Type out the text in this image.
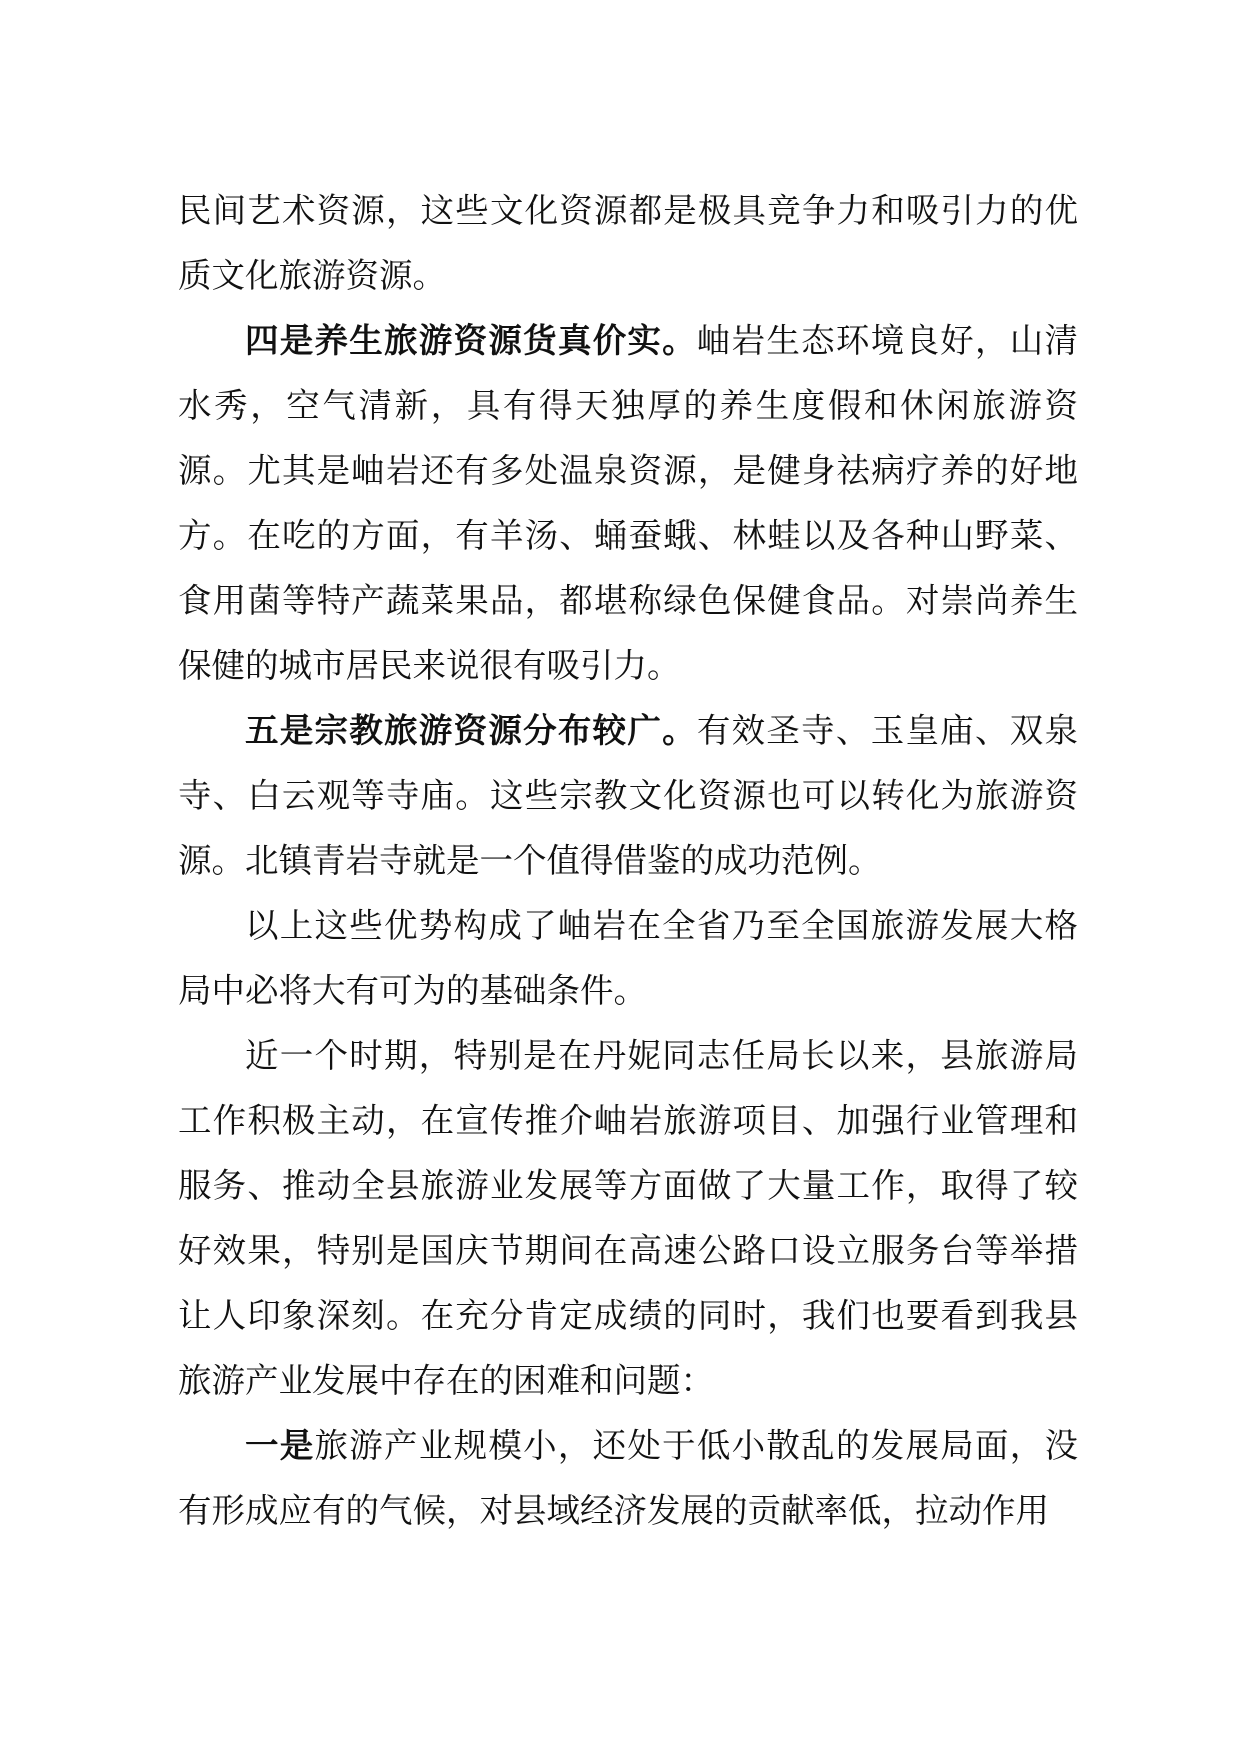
民间艺术资源，这些文化资源都是极具竞争力和吸引力的优质文化旅游资源。

四是养生旅游资源货真价实。岫岩生态环境良好，山清水秀，空气清新，具有得天独厚的养生度假和休闲旅游资源。尤其是岫岩还有多处温泉资源，是健身祛病疗养的好地方。在吃的方面，有羊汤、蛹蚕蛾、林蛙以及各种山野菜、食用菌等特产蔬菜果品，都堪称绿色保健食品。对崇尚养生保健的城市居民来说很有吸引力。

五是宗教旅游资源分布较广。有效圣寺、玉皇庙、双泉寺、白云观等寺庙。这些宗教文化资源也可以转化为旅游资源。北镇青岩寺就是一个值得借鉴的成功范例。

以上这些优势构成了岫岩在全省乃至全国旅游发展大格局中必将大有可为的基础条件。

近一个时期，特别是在丹妮同志任局长以来，县旅游局工作积极主动，在宣传推介岫岩旅游项目、加强行业管理和服务、推动全县旅游业发展等方面做了大量工作，取得了较好效果，特别是国庆节期间在高速公路口设立服务台等举措让人印象深刻。在充分肯定成绩的同时，我们也要看到我县旅游产业发展中存在的困难和问题：

一是旅游产业规模小，还处于低小散乱的发展局面，没有形成应有的气候，对县域经济发展的贡献率低，拉动作用
